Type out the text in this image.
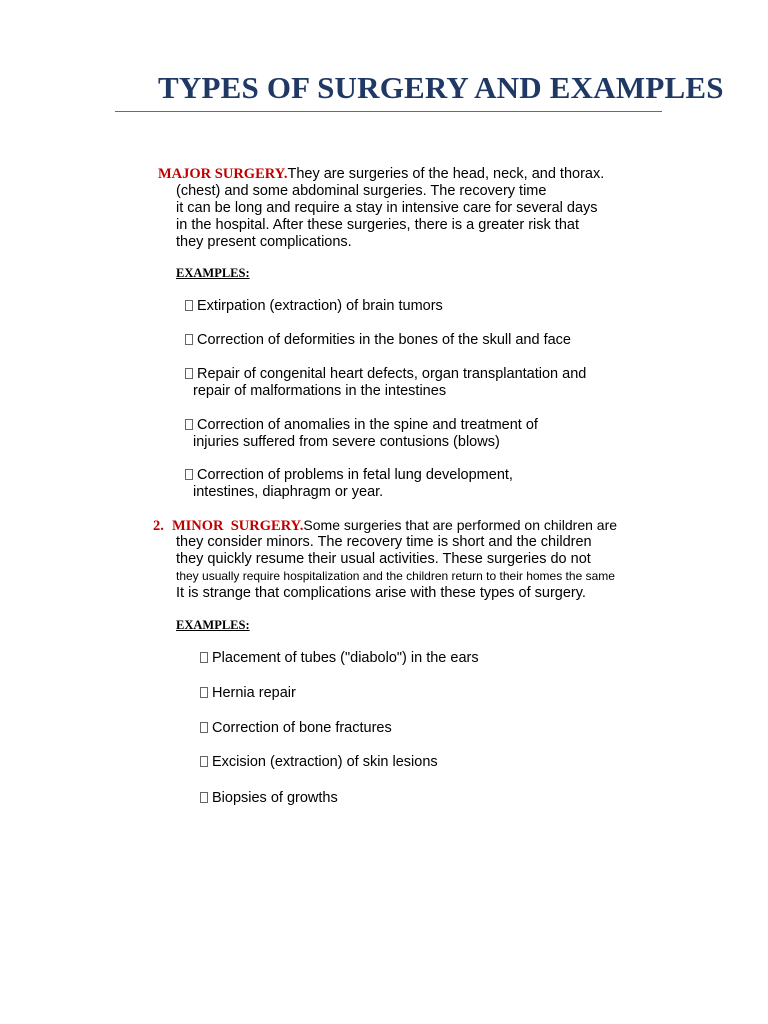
TYPES OF SURGERY AND EXAMPLES
MAJOR SURGERY.They are surgeries of the head, neck, and thorax.
(chest) and some abdominal surgeries. The recovery time
it can be long and require a stay in intensive care for several days
in the hospital. After these surgeries, there is a greater risk that
they present complications.
EXAMPLES:
Extirpation (extraction) of brain tumors
Correction of deformities in the bones of the skull and face
Repair of congenital heart defects, organ transplantation and
repair of malformations in the intestines
Correction of anomalies in the spine and treatment of
injuries suffered from severe contusions (blows)
Correction of problems in fetal lung development,
intestines, diaphragm or year.
2. MINOR  SURGERY.Some surgeries that are performed on children are
they consider minors. The recovery time is short and the children
they quickly resume their usual activities. These surgeries do not
they usually require hospitalization and the children return to their homes the same
It is strange that complications arise with these types of surgery.
EXAMPLES:
Placement of tubes ("diabolo") in the ears
Hernia repair
Correction of bone fractures
Excision (extraction) of skin lesions
Biopsies of growths
